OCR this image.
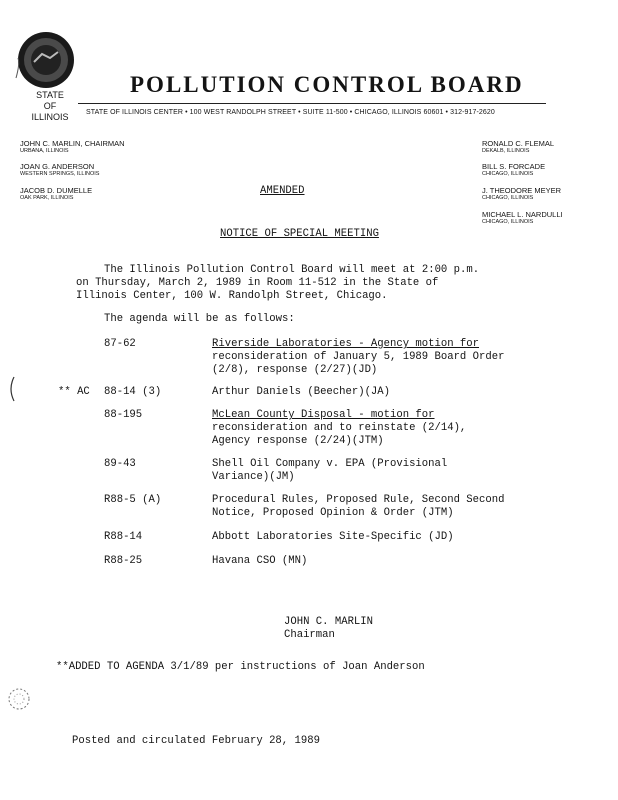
STATE
OF
ILLINOIS
POLLUTION CONTROL BOARD
STATE OF ILLINOIS CENTER • 100 WEST RANDOLPH STREET • SUITE 11-500 • CHICAGO, ILLINOIS 60601 • 312-917-2620
JOHN C. MARLIN, CHAIRMAN
URBANA, ILLINOIS
JOAN G. ANDERSON
WESTERN SPRINGS, ILLINOIS
JACOB D. DUMELLE
OAK PARK, ILLINOIS
RONALD C. FLEMAL
DEKALB, ILLINOIS
BILL S. FORCADE
CHICAGO, ILLINOIS
J. THEODORE MEYER
CHICAGO, ILLINOIS
MICHAEL L. NARDULLI
CHICAGO, ILLINOIS
AMENDED
NOTICE OF SPECIAL MEETING
The Illinois Pollution Control Board will meet at 2:00 p.m.
on Thursday, March 2, 1989 in Room 11-512 in the State of
Illinois Center, 100 W. Randolph Street, Chicago.
The agenda will be as follows:
87-62	Riverside Laboratories - Agency motion for
reconsideration of January 5, 1989 Board Order
(2/8), response (2/27)(JD)
** AC 88-14 (3)	Arthur Daniels (Beecher)(JA)
88-195	McLean County Disposal - motion for
reconsideration and to reinstate (2/14),
Agency response (2/24)(JTM)
89-43	Shell Oil Company v. EPA (Provisional
Variance)(JM)
R88-5 (A)	Procedural Rules, Proposed Rule, Second Second
Notice, Proposed Opinion & Order (JTM)
R88-14	Abbott Laboratories Site-Specific (JD)
R88-25	Havana CSO (MN)
JOHN C. MARLIN
Chairman
**ADDED TO AGENDA 3/1/89 per instructions of Joan Anderson
Posted and circulated February 28, 1989
